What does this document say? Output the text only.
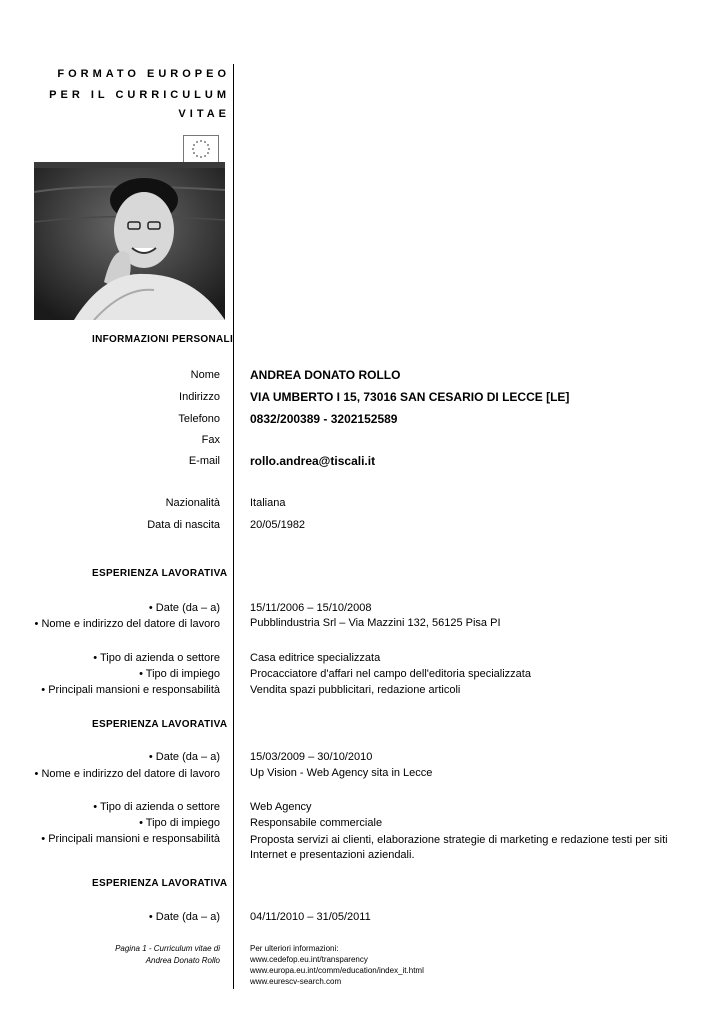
FORMATO EUROPEO
PER IL CURRICULUM
VITAE
INFORMAZIONI PERSONALI
Nome	ANDREA DONATO ROLLO
Indirizzo	VIA UMBERTO I 15, 73016 SAN CESARIO DI LECCE [LE]
Telefono	0832/200389 - 3202152589
Fax
E-mail	rollo.andrea@tiscali.it
Nazionalità	Italiana
Data di nascita	20/05/1982
ESPERIENZA LAVORATIVA
• Date (da – a)	15/11/2006 – 15/10/2008
• Nome e indirizzo del datore di lavoro	Pubblindustria Srl – Via Mazzini 132, 56125 Pisa PI
• Tipo di azienda o settore	Casa editrice specializzata
• Tipo di impiego	Procacciatore d'affari nel campo dell'editoria specializzata
• Principali mansioni e responsabilità	Vendita spazi pubblicitari, redazione articoli
ESPERIENZA LAVORATIVA
• Date (da – a)	15/03/2009 – 30/10/2010
• Nome e indirizzo del datore di lavoro	Up Vision - Web Agency sita in Lecce
• Tipo di azienda o settore	Web Agency
• Tipo di impiego	Responsabile commerciale
• Principali mansioni e responsabilità	Proposta servizi ai clienti, elaborazione strategie di marketing e redazione testi per siti Internet e presentazioni aziendali.
ESPERIENZA LAVORATIVA
• Date (da – a)	04/11/2010 – 31/05/2011
Pagina 1 - Curriculum vitae di
Andrea Donato Rollo
Per ulteriori informazioni:
www.cedefop.eu.int/transparency
www.europa.eu.int/comm/education/index_it.html
www.eurescv-search.com
